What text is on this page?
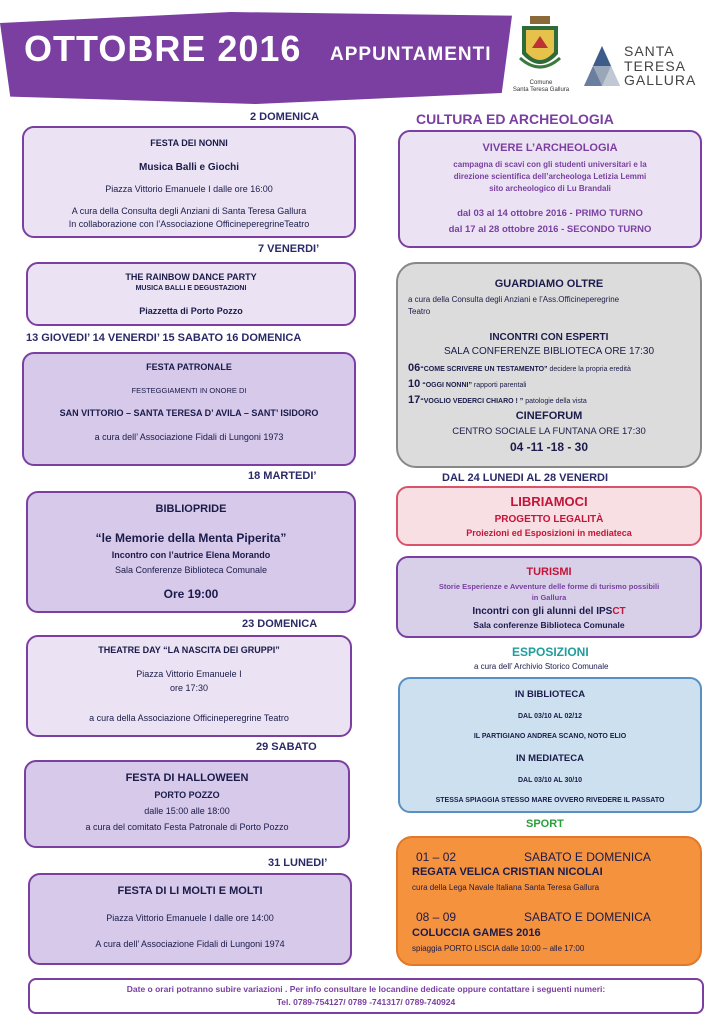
OTTOBRE 2016 APPUNTAMENTI
Comune
Santa Teresa Gallura
SANTA
TERESA
GALLURA
2 DOMENICA
FESTA DEI NONNI
Musica Balli e Giochi
Piazza Vittorio Emanuele I dalle ore 16:00
A cura della Consulta degli Anziani di Santa Teresa Gallura
In collaborazione con l’Associazione OfficineperegrineTeatro
7 VENERDI’
THE RAINBOW DANCE PARTY
MUSICA BALLI E DEGUSTAZIONI
Piazzetta di Porto Pozzo
13 GIOVEDI’ 14 VENERDI’ 15 SABATO 16 DOMENICA
FESTA PATRONALE
FESTEGGIAMENTI IN ONORE DI
SAN VITTORIO – SANTA TERESA D’ AVILA – SANT’ ISIDORO
a cura dell’ Associazione Fidali di Lungoni 1973
18 MARTEDI’
BIBLIOPRIDE
“le Memorie della Menta Piperita”
Incontro con l’autrice Elena Morando
Sala Conferenze Biblioteca Comunale
Ore 19:00
23 DOMENICA
THEATRE DAY “LA NASCITA DEI GRUPPI”
Piazza Vittorio Emanuele I
ore 17:30
a cura della Associazione Officineperegrine Teatro
29 SABATO
FESTA DI HALLOWEEN
PORTO POZZO
dalle 15:00 alle 18:00
a cura del comitato Festa Patronale di Porto Pozzo
31 LUNEDI’
FESTA DI LI MOLTI E MOLTI
Piazza Vittorio Emanuele I dalle ore 14:00
A cura dell’ Associazione Fidali di Lungoni 1974
CULTURA ED ARCHEOLOGIA
VIVERE L’ARCHEOLOGIA
campagna di scavi con gli studenti universitari e la
direzione scientifica dell’archeologa Letizia Lemmi
sito archeologico di Lu Brandali
dal 03 al 14 ottobre 2016 - PRIMO TURNO
dal 17 al 28 ottobre 2016 - SECONDO TURNO
GUARDIAMO OLTRE
a cura della Consulta degli Anziani e l’Ass.Officineperegrine
Teatro
INCONTRI CON ESPERTI
SALA CONFERENZE BIBLIOTECA ORE 17:30
06“COME SCRIVERE UN TESTAMENTO” decidere la propria eredità
10 “OGGI NONNI” rapporti parentali
17“VOGLIO VEDERCI CHIARO ! ” patologie della vista
CINEFORUM
CENTRO SOCIALE LA FUNTANA ORE 17:30
04 -11 -18 - 30
DAL 24 LUNEDI AL 28 VENERDI
LIBRIAMOCI
PROGETTO LEGALITÀ
Proiezioni ed Esposizioni in mediateca
TURISMI
Storie Esperienze e Avventure delle forme di turismo possibili
in Gallura
Incontri con gli alunni del IPSCT
Sala conferenze Biblioteca Comunale
ESPOSIZIONI
a cura dell’ Archivio Storico Comunale
IN BIBLIOTECA
DAL 03/10 AL 02/12
IL PARTIGIANO ANDREA SCANO, NOTO ELIO
IN MEDIATECA
DAL 03/10 AL 30/10
STESSA SPIAGGIA STESSO MARE OVVERO RIVEDERE IL PASSATO
SPORT
01 – 02	SABATO E DOMENICA
REGATA VELICA CRISTIAN NICOLAI
cura della Lega Navale Italiana Santa Teresa Gallura
08 – 09	SABATO E DOMENICA
COLUCCIA GAMES 2016
spiaggia PORTO LISCIA dalle 10:00 – alle 17:00
Date o orari potranno subire variazioni . Per info consultare le locandine dedicate oppure contattare i seguenti numeri:
Tel. 0789-754127/ 0789 -741317/ 0789-740924
